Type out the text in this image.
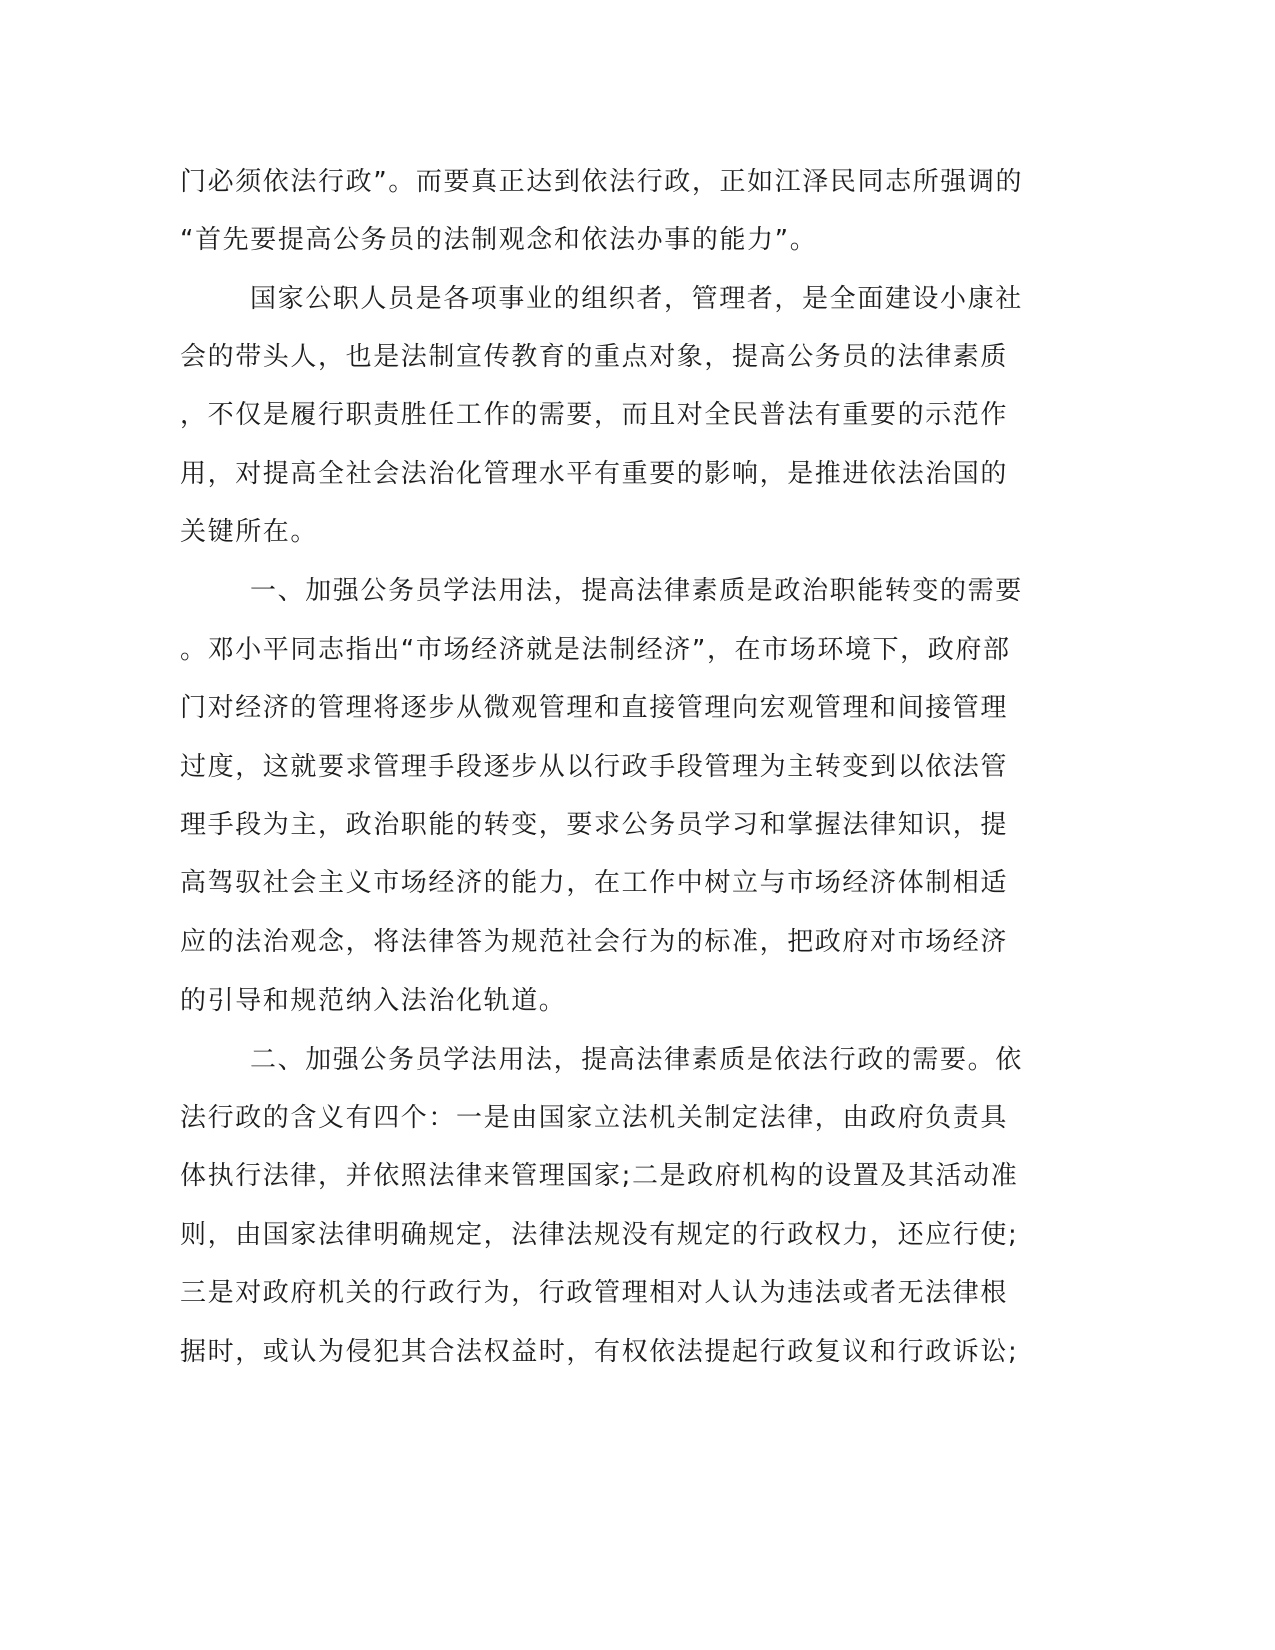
门必须依法行政”。而要真正达到依法行政，正如江泽民同志所强调的
“首先要提高公务员的法制观念和依法办事的能力”。
国家公职人员是各项事业的组织者，管理者，是全面建设小康社
会的带头人，也是法制宣传教育的重点对象，提高公务员的法律素质
，不仅是履行职责胜任工作的需要，而且对全民普法有重要的示范作
用，对提高全社会法治化管理水平有重要的影响，是推进依法治国的
关键所在。
一、加强公务员学法用法，提高法律素质是政治职能转变的需要
。邓小平同志指出“市场经济就是法制经济”，在市场环境下，政府部
门对经济的管理将逐步从微观管理和直接管理向宏观管理和间接管理
过度，这就要求管理手段逐步从以行政手段管理为主转变到以依法管
理手段为主，政治职能的转变，要求公务员学习和掌握法律知识，提
高驾驭社会主义市场经济的能力，在工作中树立与市场经济体制相适
应的法治观念，将法律答为规范社会行为的标准，把政府对市场经济
的引导和规范纳入法治化轨道。
二、加强公务员学法用法，提高法律素质是依法行政的需要。依
法行政的含义有四个：一是由国家立法机关制定法律，由政府负责具
体执行法律，并依照法律来管理国家;二是政府机构的设置及其活动准
则，由国家法律明确规定，法律法规没有规定的行政权力，还应行使;
三是对政府机关的行政行为，行政管理相对人认为违法或者无法律根
据时，或认为侵犯其合法权益时，有权依法提起行政复议和行政诉讼;
